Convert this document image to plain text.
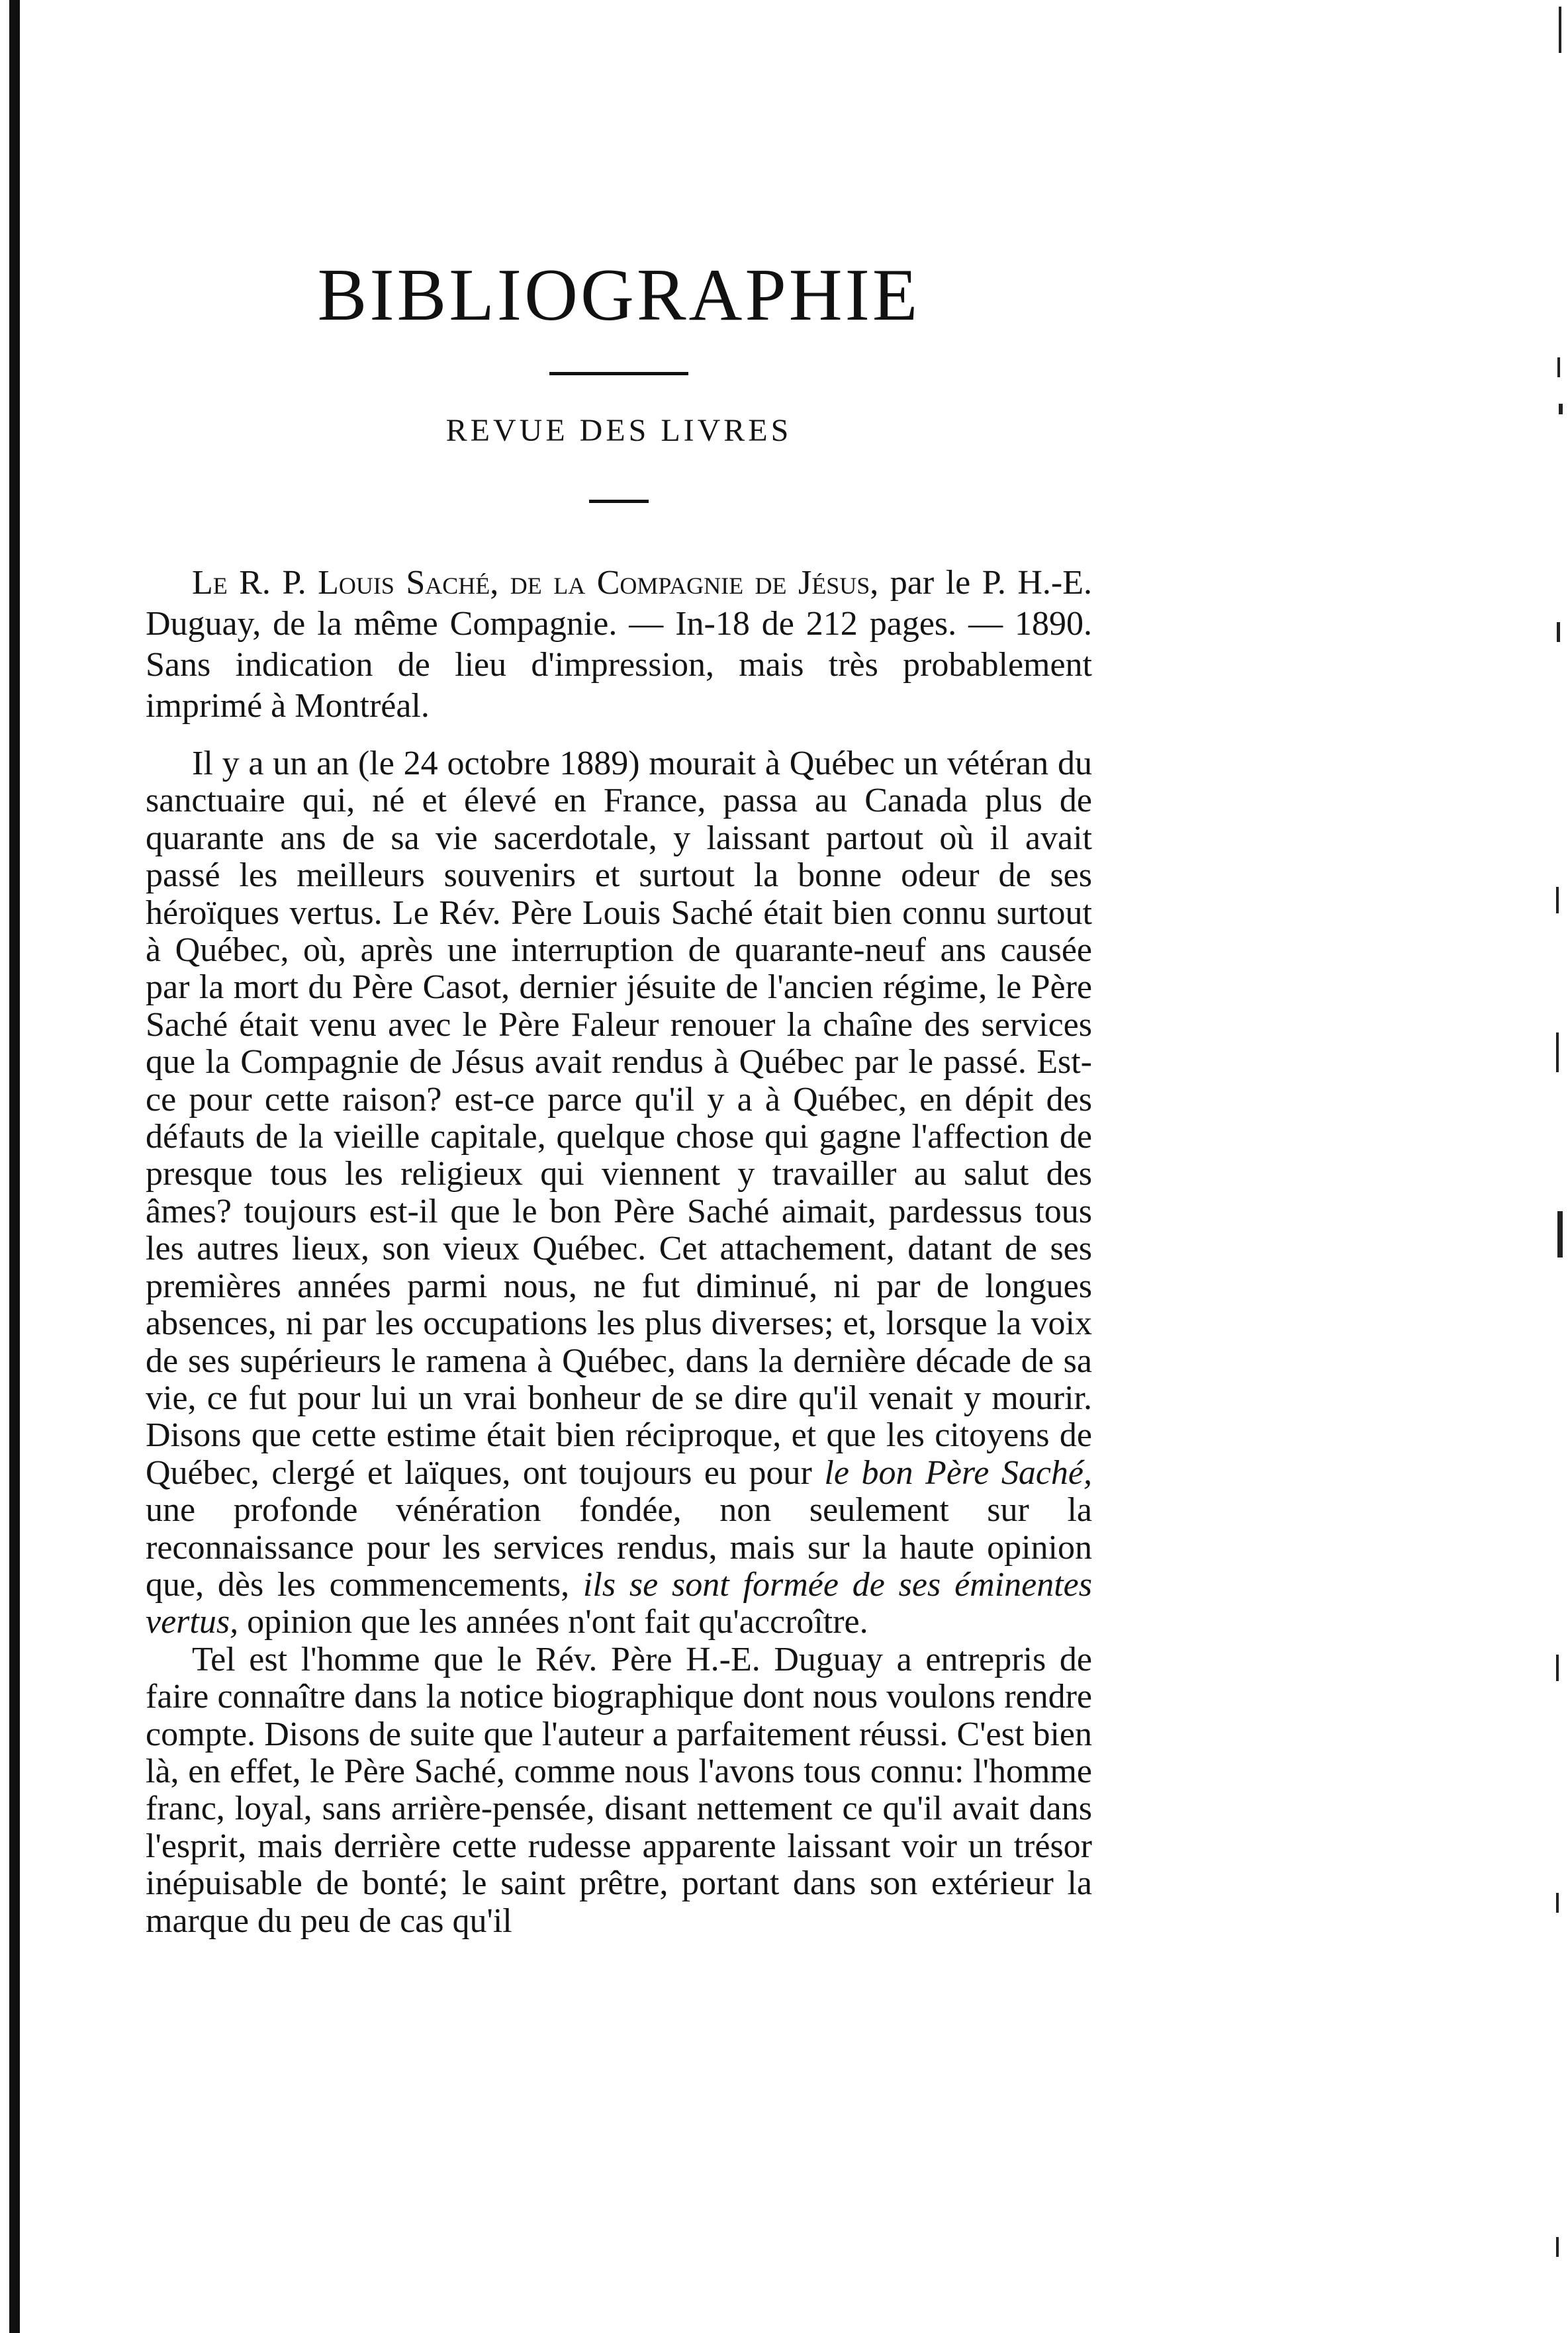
BIBLIOGRAPHIE
REVUE DES LIVRES
Le R. P. Louis Saché, de la Compagnie de Jésus, par le P. H.-E. Duguay, de la même Compagnie. — In-18 de 212 pages. — 1890. Sans indication de lieu d'impression, mais très probablement imprimé à Montréal.

Il y a un an (le 24 octobre 1889) mourait à Québec un vétéran du sanctuaire qui, né et élevé en France, passa au Canada plus de quarante ans de sa vie sacerdotale, y laissant partout où il avait passé les meilleurs souvenirs et surtout la bonne odeur de ses héroïques vertus. Le Rév. Père Louis Saché était bien connu surtout à Québec, où, après une interruption de quarante-neuf ans causée par la mort du Père Casot, dernier jésuite de l'ancien régime, le Père Saché était venu avec le Père Faleur renouer la chaîne des services que la Compagnie de Jésus avait rendus à Québec par le passé. Est-ce pour cette raison? est-ce parce qu'il y a à Québec, en dépit des défauts de la vieille capitale, quelque chose qui gagne l'affection de presque tous les religieux qui viennent y travailler au salut des âmes? toujours est-il que le bon Père Saché aimait, pardessus tous les autres lieux, son vieux Québec. Cet attachement, datant de ses premières années parmi nous, ne fut diminué, ni par de longues absences, ni par les occupations les plus diverses; et, lorsque la voix de ses supérieurs le ramena à Québec, dans la dernière décade de sa vie, ce fut pour lui un vrai bonheur de se dire qu'il venait y mourir. Disons que cette estime était bien réciproque, et que les citoyens de Québec, clergé et laïques, ont toujours eu pour le bon Père Saché, une profonde vénération fondée, non seulement sur la reconnaissance pour les services rendus, mais sur la haute opinion que, dès les commencements, ils se sont formée de ses éminentes vertus, opinion que les années n'ont fait qu'accroître.

Tel est l'homme que le Rév. Père H.-E. Duguay a entrepris de faire connaître dans la notice biographique dont nous voulons rendre compte. Disons de suite que l'auteur a parfaitement réussi. C'est bien là, en effet, le Père Saché, comme nous l'avons tous connu: l'homme franc, loyal, sans arrière-pensée, disant nettement ce qu'il avait dans l'esprit, mais derrière cette rudesse apparente laissant voir un trésor inépuisable de bonté; le saint prêtre, portant dans son extérieur la marque du peu de cas qu'il
